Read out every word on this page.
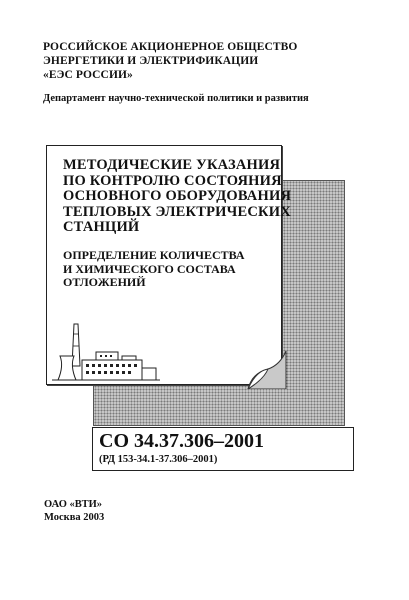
РОССИЙСКОЕ АКЦИОНЕРНОЕ ОБЩЕСТВО
ЭНЕРГЕТИКИ И ЭЛЕКТРИФИКАЦИИ
«ЕЭС РОССИИ»
Департамент научно-технической политики и развития
МЕТОДИЧЕСКИЕ УКАЗАНИЯ
ПО КОНТРОЛЮ СОСТОЯНИЯ
ОСНОВНОГО ОБОРУДОВАНИЯ
ТЕПЛОВЫХ ЭЛЕКТРИЧЕСКИХ
СТАНЦИЙ
ОПРЕДЕЛЕНИЕ КОЛИЧЕСТВА
И ХИМИЧЕСКОГО СОСТАВА
ОТЛОЖЕНИЙ
СО 34.37.306–2001
(РД 153-34.1-37.306–2001)
ОАО «ВТИ»
Москва 2003
